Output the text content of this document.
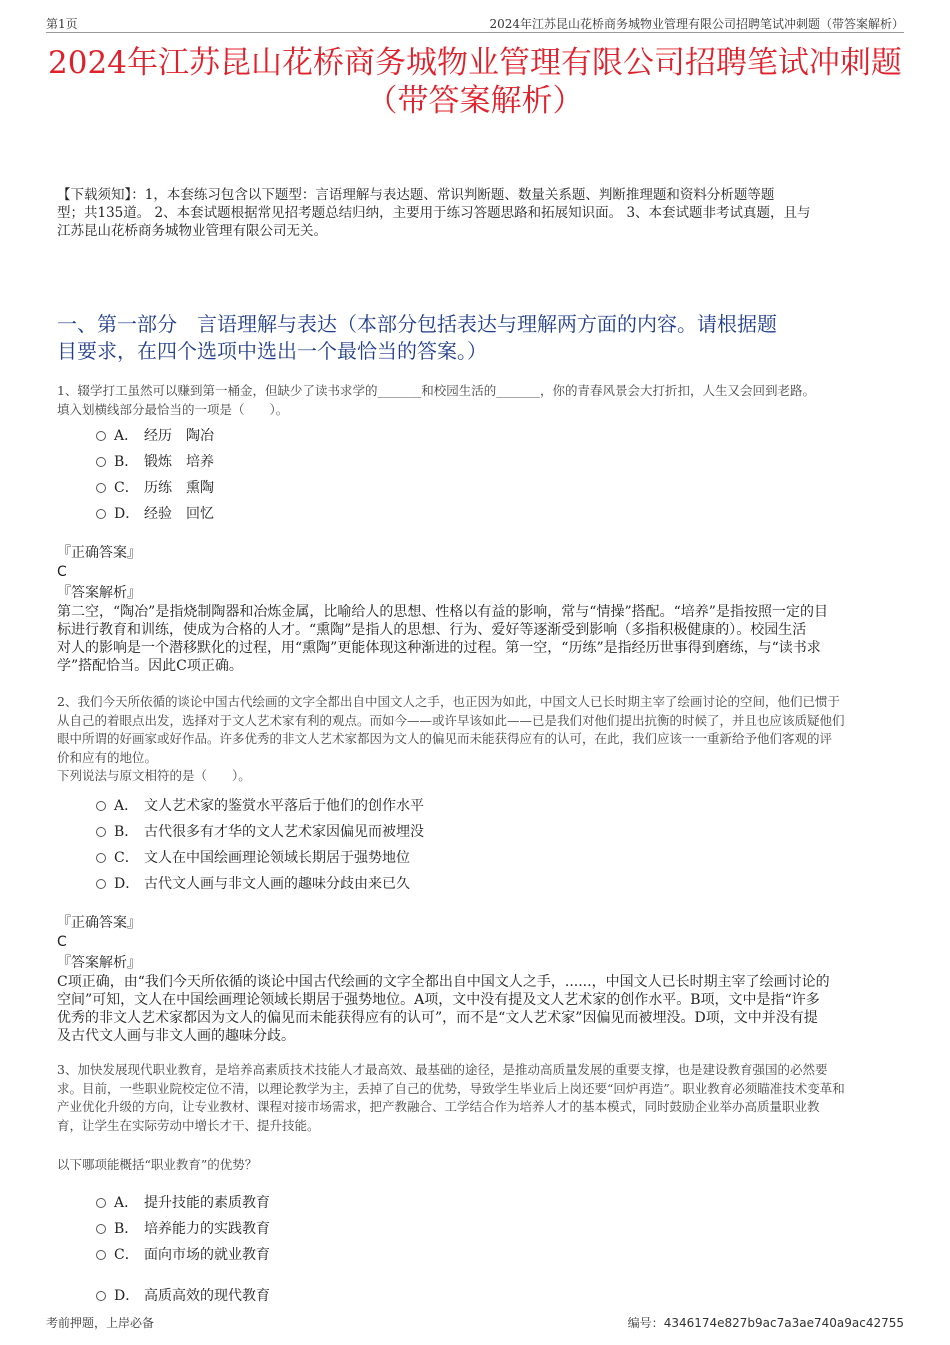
第1页	2024年江苏昆山花桥商务城物业管理有限公司招聘笔试冲刺题（带答案解析）
2024年江苏昆山花桥商务城物业管理有限公司招聘笔试冲刺题
（带答案解析）
【下载须知】：1，本套练习包含以下题型：言语理解与表达题、常识判断题、数量关系题、判断推理题和资料分析题等题
型；共135道。 2、本套试题根据常见招考题总结归纳，主要用于练习答题思路和拓展知识面。 3、本套试题非考试真题，且与
江苏昆山花桥商务城物业管理有限公司无关。
一、第一部分　言语理解与表达（本部分包括表达与理解两方面的内容。请根据题
目要求，在四个选项中选出一个最恰当的答案。）
1、辍学打工虽然可以赚到第一桶金，但缺少了读书求学的_______和校园生活的_______，你的青春风景会大打折扣，人生又会回到老路。
填入划横线部分最恰当的一项是（　　）。
A． 经历　陶冶
B． 锻炼　培养
C． 历练　熏陶
D． 经验　回忆
『正确答案』
C
『答案解析』
第二空，“陶冶”是指烧制陶器和冶炼金属，比喻给人的思想、性格以有益的影响，常与“情操”搭配。“培养”是指按照一定的目
标进行教育和训练，使成为合格的人才。“熏陶”是指人的思想、行为、爱好等逐渐受到影响（多指积极健康的）。校园生活
对人的影响是一个潜移默化的过程，用“熏陶”更能体现这种渐进的过程。第一空，“历练”是指经历世事得到磨练，与“读书求
学”搭配恰当。因此C项正确。
2、我们今天所依循的谈论中国古代绘画的文字全都出自中国文人之手，也正因为如此，中国文人已长时期主宰了绘画讨论的空间，他们已惯于
从自己的着眼点出发，选择对于文人艺术家有利的观点。而如今——或许早该如此——已是我们对他们提出抗衡的时候了，并且也应该质疑他们
眼中所谓的好画家或好作品。许多优秀的非文人艺术家都因为文人的偏见而未能获得应有的认可，在此，我们应该一一重新给予他们客观的评
价和应有的地位。
下列说法与原文相符的是（　　）。
A． 文人艺术家的鉴赏水平落后于他们的创作水平
B． 古代很多有才华的文人艺术家因偏见而被埋没
C． 文人在中国绘画理论领域长期居于强势地位
D． 古代文人画与非文人画的趣味分歧由来已久
『正确答案』
C
『答案解析』
C项正确，由“我们今天所依循的谈论中国古代绘画的文字全都出自中国文人之手，......，中国文人已长时期主宰了绘画讨论的
空间”可知，文人在中国绘画理论领域长期居于强势地位。A项，文中没有提及文人艺术家的创作水平。B项，文中是指“许多
优秀的非文人艺术家都因为文人的偏见而未能获得应有的认可”，而不是“文人艺术家”因偏见而被埋没。D项，文中并没有提
及古代文人画与非文人画的趣味分歧。
3、加快发展现代职业教育，是培养高素质技术技能人才最高效、最基础的途径，是推动高质量发展的重要支撑，也是建设教育强国的必然要
求。目前，一些职业院校定位不清，以理论教学为主，丢掉了自己的优势，导致学生毕业后上岗还要“回炉再造”。职业教育必须瞄准技术变革和
产业优化升级的方向，让专业教材、课程对接市场需求，把产教融合、工学结合作为培养人才的基本模式，同时鼓励企业举办高质量职业教
育，让学生在实际劳动中增长才干、提升技能。
以下哪项能概括“职业教育”的优势？
A． 提升技能的素质教育
B． 培养能力的实践教育
C． 面向市场的就业教育
D． 高质高效的现代教育
考前押题，上岸必备	编号：4346174e827b9ac7a3ae740a9ac42755
